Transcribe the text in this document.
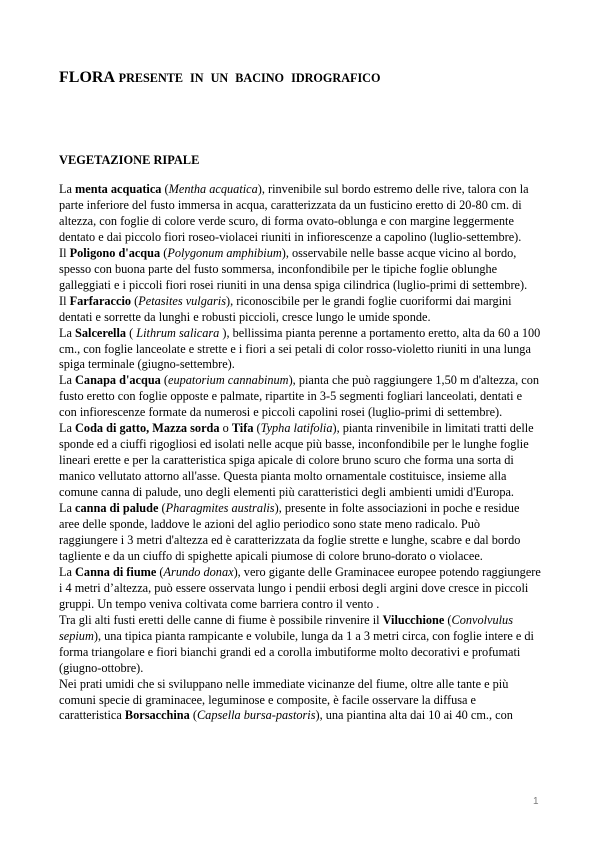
FLORA PRESENTE IN UN BACINO IDROGRAFICO
VEGETAZIONE RIPALE

La menta acquatica (Mentha acquatica), rinvenibile sul bordo estremo delle rive, talora con la parte inferiore del fusto immersa in acqua, caratterizzata da un fusticino eretto di 20-80 cm. di altezza, con foglie di colore verde scuro, di forma ovato-oblunga e con margine leggermente dentato e dai piccolo fiori roseo-violacei riuniti in infiorescenze a capolino (luglio-settembre).

Il Poligono d'acqua (Polygonum amphibium), osservabile nelle basse acque vicino al bordo, spesso con buona parte del fusto sommersa, inconfondibile per le tipiche foglie oblunghe galleggiati e i piccoli fiori rosei riuniti in una densa spiga cilindrica (luglio-primi di settembre).

Il Farfaraccio (Petasites vulgaris), riconoscibile per le grandi foglie cuoriformi dai margini dentati e sorrette da lunghi e robusti piccioli, cresce lungo le umide sponde.

La Salcerella ( Lithrum salicara ), bellissima pianta perenne a portamento eretto, alta da 60 a 100 cm., con foglie lanceolate e strette e i fiori a sei petali di color rosso-violetto riuniti in una lunga spiga terminale (giugno-settembre).

La Canapa d'acqua (eupatorium cannabinum), pianta che può raggiungere 1,50 m d'altezza, con fusto eretto con foglie opposte e palmate, ripartite in 3-5 segmenti fogliari lanceolati, dentati e con infiorescenze formate da numerosi e piccoli capolini rosei (luglio-primi di settembre).

La Coda di gatto, Mazza sorda o Tifa (Typha latifolia), pianta rinvenibile in limitati tratti delle sponde ed a ciuffi rigogliosi ed isolati nelle acque più basse, inconfondibile per le lunghe foglie lineari erette e per la caratteristica spiga apicale di colore bruno scuro che forma una sorta di manico vellutato attorno all'asse. Questa pianta molto ornamentale costituisce, insieme alla comune canna di palude, uno degli elementi più caratteristici degli ambienti umidi d'Europa.

La canna di palude (Pharagmites australis), presente in folte associazioni in poche e residue aree delle sponde, laddove le azioni del aglio periodico sono state meno radicalo. Può raggiungere i 3 metri d'altezza ed è caratterizzata da foglie strette e lunghe, scabre e dal bordo tagliente e da un ciuffo di spighette apicali piumose di colore bruno-dorato o violacee.

La Canna di fiume (Arundo donax), vero gigante delle Graminacee europee potendo raggiungere i 4 metri d’altezza, può essere osservata lungo i pendii erbosi degli argini dove cresce in piccoli gruppi. Un tempo veniva coltivata come barriera contro il vento .

Tra gli alti fusti eretti delle canne di fiume è possibile rinvenire il Vilucchione (Convolvulus sepium), una tipica pianta rampicante e volubile, lunga da 1 a 3 metri circa, con foglie intere e di forma triangolare e fiori bianchi grandi ed a corolla imbutiforme molto decorativi e profumati (giugno-ottobre).

Nei prati umidi che si sviluppano nelle immediate vicinanze del fiume, oltre alle tante e più comuni specie di graminacee, leguminose e composite, è facile osservare la diffusa e caratteristica Borsacchina (Capsella bursa-pastoris), una piantina alta dai 10 ai 40 cm., con

1
